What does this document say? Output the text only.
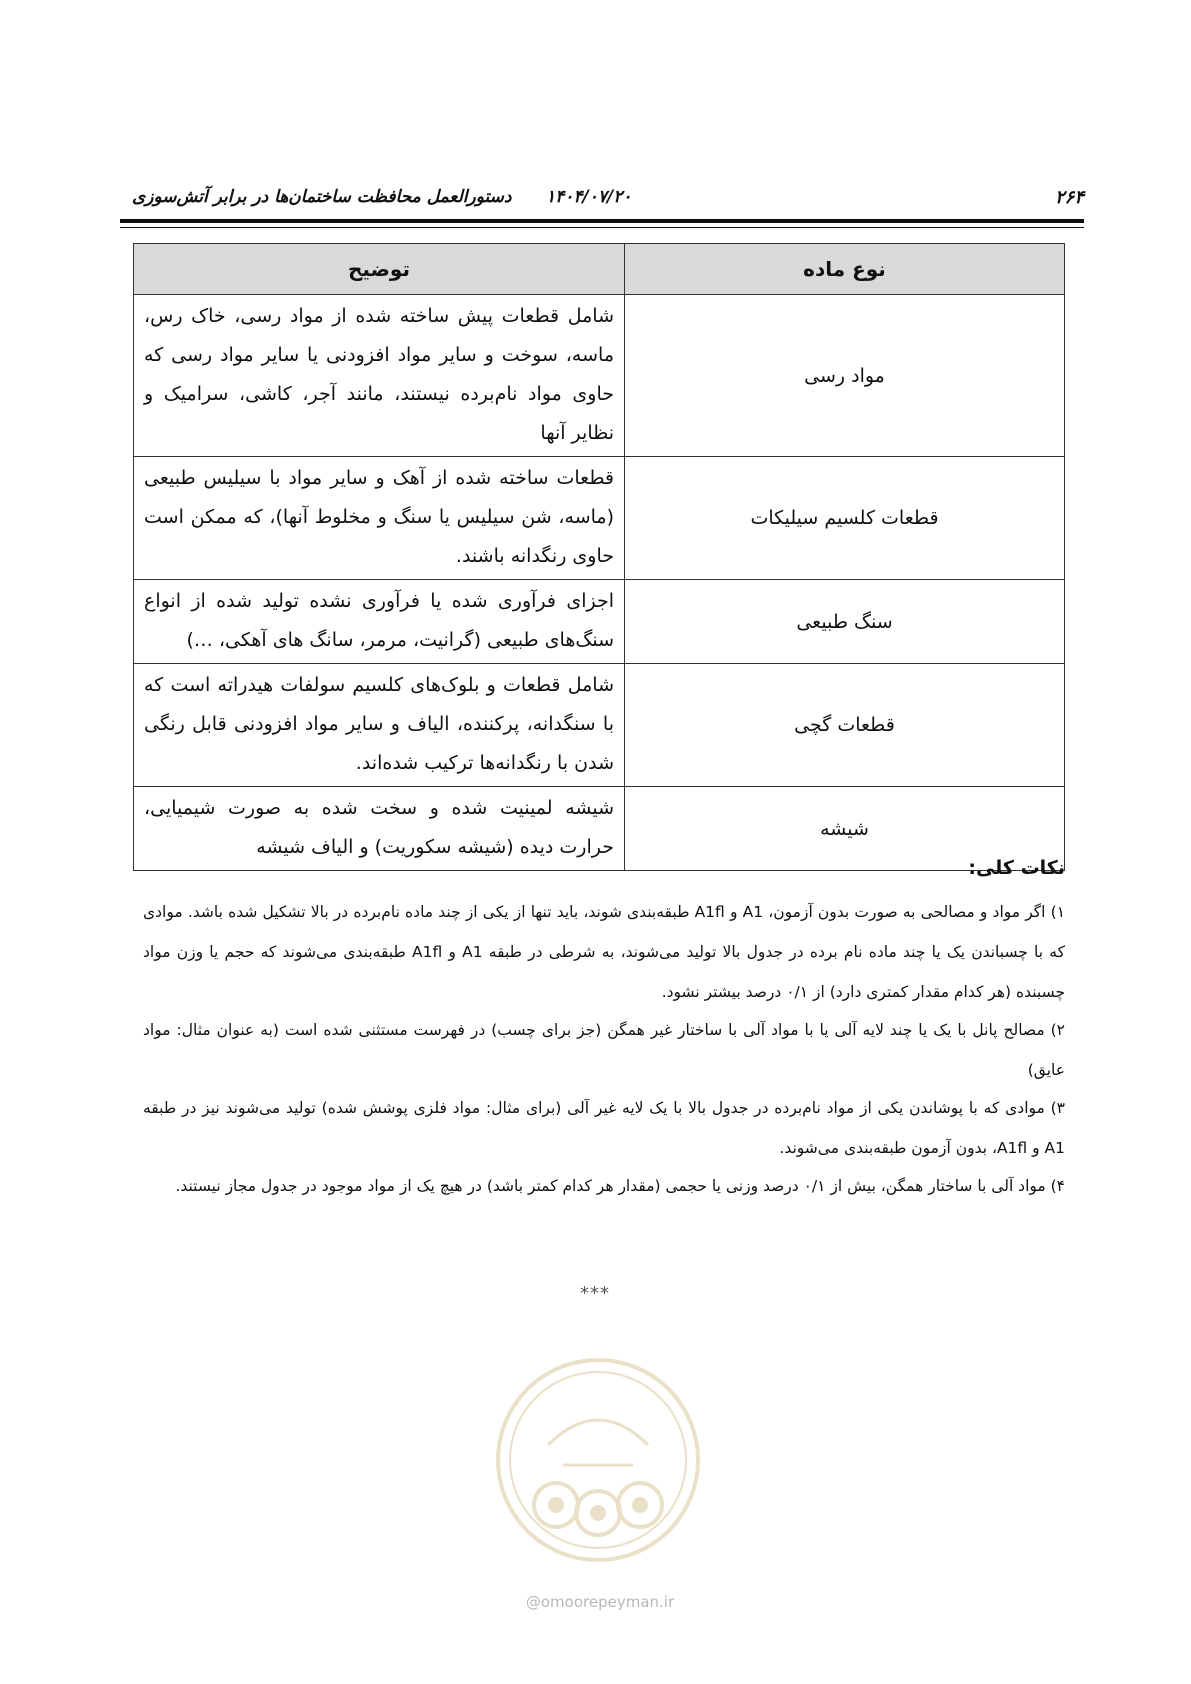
۲۶۴
۱۴۰۴/۰۷/۲۰
دستورالعمل محافظت ساختمان‌ها در برابر آتش‌سوزی
نوع ماده	توضیح
مواد رسی	شامل قطعات پیش ساخته شده از مواد رسی، خاک رس، ماسه، سوخت و سایر مواد افزودنی یا سایر مواد رسی که حاوی مواد نام‌برده نیستند، مانند آجر، کاشی، سرامیک و نظایر آنها
قطعات کلسیم سیلیکات	قطعات ساخته شده از آهک و سایر مواد با سیلیس طبیعی (ماسه، شن سیلیس یا سنگ و مخلوط آنها)، که ممکن است حاوی رنگدانه باشند.
سنگ طبیعی	اجزای فرآوری شده یا فرآوری نشده تولید شده از انواع سنگ‌های طبیعی (گرانیت، مرمر، سانگ های آهکی، …)
قطعات گچی	شامل قطعات و بلوک‌های کلسیم سولفات هیدراته است که با سنگدانه، پرکننده، الیاف و سایر مواد افزودنی قابل رنگی شدن با رنگدانه‌ها ترکیب شده‌اند.
شیشه	شیشه لمینیت شده و سخت شده به صورت شیمیایی، حرارت دیده (شیشه سکوریت) و الیاف شیشه
نکات کلی:

۱) اگر مواد و مصالحی به صورت بدون آزمون، A1 و A1fl طبقه‌بندی شوند، باید تنها از یکی از چند ماده نام‌برده در بالا تشکیل شده باشد. موادی که با چسباندن یک یا چند ماده نام برده در جدول بالا تولید می‌شوند، به شرطی در طبقه A1 و A1fl طبقه‌بندی می‌شوند که حجم یا وزن مواد چسبنده (هر کدام مقدار کمتری دارد) از ۰/۱ درصد بیشتر نشود.

۲) مصالح پانل با یک یا چند لایه آلی یا با مواد آلی با ساختار غیر همگن (جز برای چسب) در فهرست مستثنی شده است (به عنوان مثال: مواد عایق)

۳) موادی که با پوشاندن یکی از مواد نام‌برده در جدول بالا با یک لایه غیر آلی (برای مثال: مواد فلزی پوشش شده) تولید می‌شوند نیز در طبقه A1 و A1fl، بدون آزمون طبقه‌بندی می‌شوند.

۴) مواد آلی با ساختار همگن، بیش از ۰/۱ درصد وزنی یا حجمی (مقدار هر کدام کمتر باشد) در هیچ یک از مواد موجود در جدول مجاز نیستند.

***
@omoorepeyman.ir
